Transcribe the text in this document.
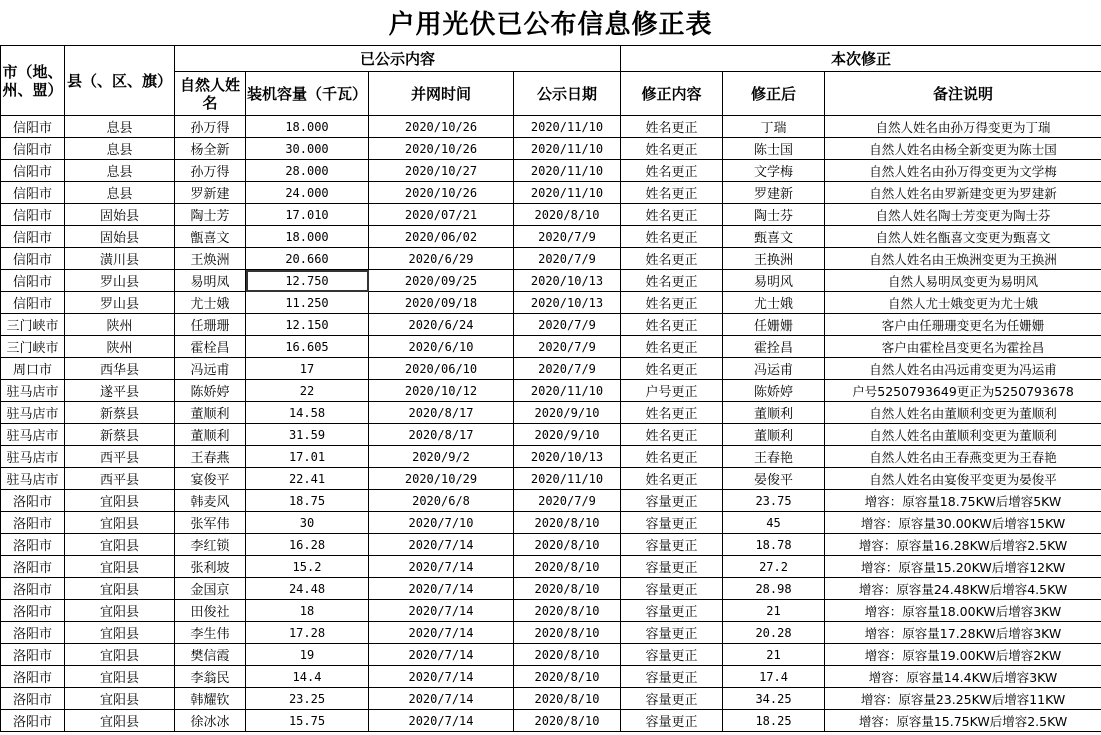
户用光伏已公布信息修正表
市（地、州、盟）	县（、区、旗）	已公示内容				本次修正		
		自然人姓名	装机容量（千瓦）	并网时间	公示日期	修正内容	修正后	备注说明
信阳市	息县	孙万得	18.000	2020/10/26	2020/11/10	姓名更正	丁瑞	自然人姓名由孙万得变更为丁瑞
信阳市	息县	杨全新	30.000	2020/10/26	2020/11/10	姓名更正	陈士国	自然人姓名由杨全新变更为陈士国
信阳市	息县	孙万得	28.000	2020/10/27	2020/11/10	姓名更正	文学梅	自然人姓名由孙万得变更为文学梅
信阳市	息县	罗新建	24.000	2020/10/26	2020/11/10	姓名更正	罗建新	自然人姓名由罗新建变更为罗建新
信阳市	固始县	陶士芳	17.010	2020/07/21	2020/8/10	姓名更正	陶士芬	自然人姓名陶士芳变更为陶士芬
信阳市	固始县	甑喜文	18.000	2020/06/02	2020/7/9	姓名更正	甄喜文	自然人姓名甑喜文变更为甄喜文
信阳市	潢川县	王焕洲	20.660	2020/6/29	2020/7/9	姓名更正	王换洲	自然人姓名由王焕洲变更为王换洲
信阳市	罗山县	易明凤	12.750	2020/09/25	2020/10/13	姓名更正	易明风	自然人易明凤变更为易明风
信阳市	罗山县	尤士娥	11.250	2020/09/18	2020/10/13	姓名更正	尤士娥	自然人尤士娥变更为尤士娥
三门峡市	陕州	任珊珊	12.150	2020/6/24	2020/7/9	姓名更正	任姗姗	客户由任珊珊变更名为任姗姗
三门峡市	陕州	霍栓昌	16.605	2020/6/10	2020/7/9	姓名更正	霍拴昌	客户由霍栓昌变更名为霍拴昌
周口市	西华县	冯远甫	17	2020/06/10	2020/7/9	姓名更正	冯运甫	自然人姓名由冯远甫变更为冯运甫
驻马店市	遂平县	陈娇婷	22	2020/10/12	2020/11/10	户号更正	陈娇婷	户号5250793649更正为5250793678
驻马店市	新蔡县	董顺利	14.58	2020/8/17	2020/9/10	姓名更正	董顺利	自然人姓名由董顺利变更为董顺利
驻马店市	新蔡县	董顺利	31.59	2020/8/17	2020/9/10	姓名更正	董顺利	自然人姓名由董顺利变更为董顺利
驻马店市	西平县	王春燕	17.01	2020/9/2	2020/10/13	姓名更正	王春艳	自然人姓名由王春燕变更为王春艳
驻马店市	西平县	宴俊平	22.41	2020/10/29	2020/11/10	姓名更正	晏俊平	自然人姓名由宴俊平变更为晏俊平
洛阳市	宜阳县	韩麦风	18.75	2020/6/8	2020/7/9	容量更正	23.75	增容：原容量18.75KW后增容5KW
洛阳市	宜阳县	张军伟	30	2020/7/10	2020/8/10	容量更正	45	增容：原容量30.00KW后增容15KW
洛阳市	宜阳县	李红锁	16.28	2020/7/14	2020/8/10	容量更正	18.78	增容：原容量16.28KW后增容2.5KW
洛阳市	宜阳县	张利坡	15.2	2020/7/14	2020/8/10	容量更正	27.2	增容：原容量15.20KW后增容12KW
洛阳市	宜阳县	金国京	24.48	2020/7/14	2020/8/10	容量更正	28.98	增容：原容量24.48KW后增容4.5KW
洛阳市	宜阳县	田俊社	18	2020/7/14	2020/8/10	容量更正	21	增容：原容量18.00KW后增容3KW
洛阳市	宜阳县	李生伟	17.28	2020/7/14	2020/8/10	容量更正	20.28	增容：原容量17.28KW后增容3KW
洛阳市	宜阳县	樊信霞	19	2020/7/14	2020/8/10	容量更正	21	增容：原容量19.00KW后增容2KW
洛阳市	宜阳县	李翁民	14.4	2020/7/14	2020/8/10	容量更正	17.4	增容：原容量14.4KW后增容3KW
洛阳市	宜阳县	韩耀钦	23.25	2020/7/14	2020/8/10	容量更正	34.25	增容：原容量23.25KW后增容11KW
洛阳市	宜阳县	徐冰冰	15.75	2020/7/14	2020/8/10	容量更正	18.25	增容：原容量15.75KW后增容2.5KW
